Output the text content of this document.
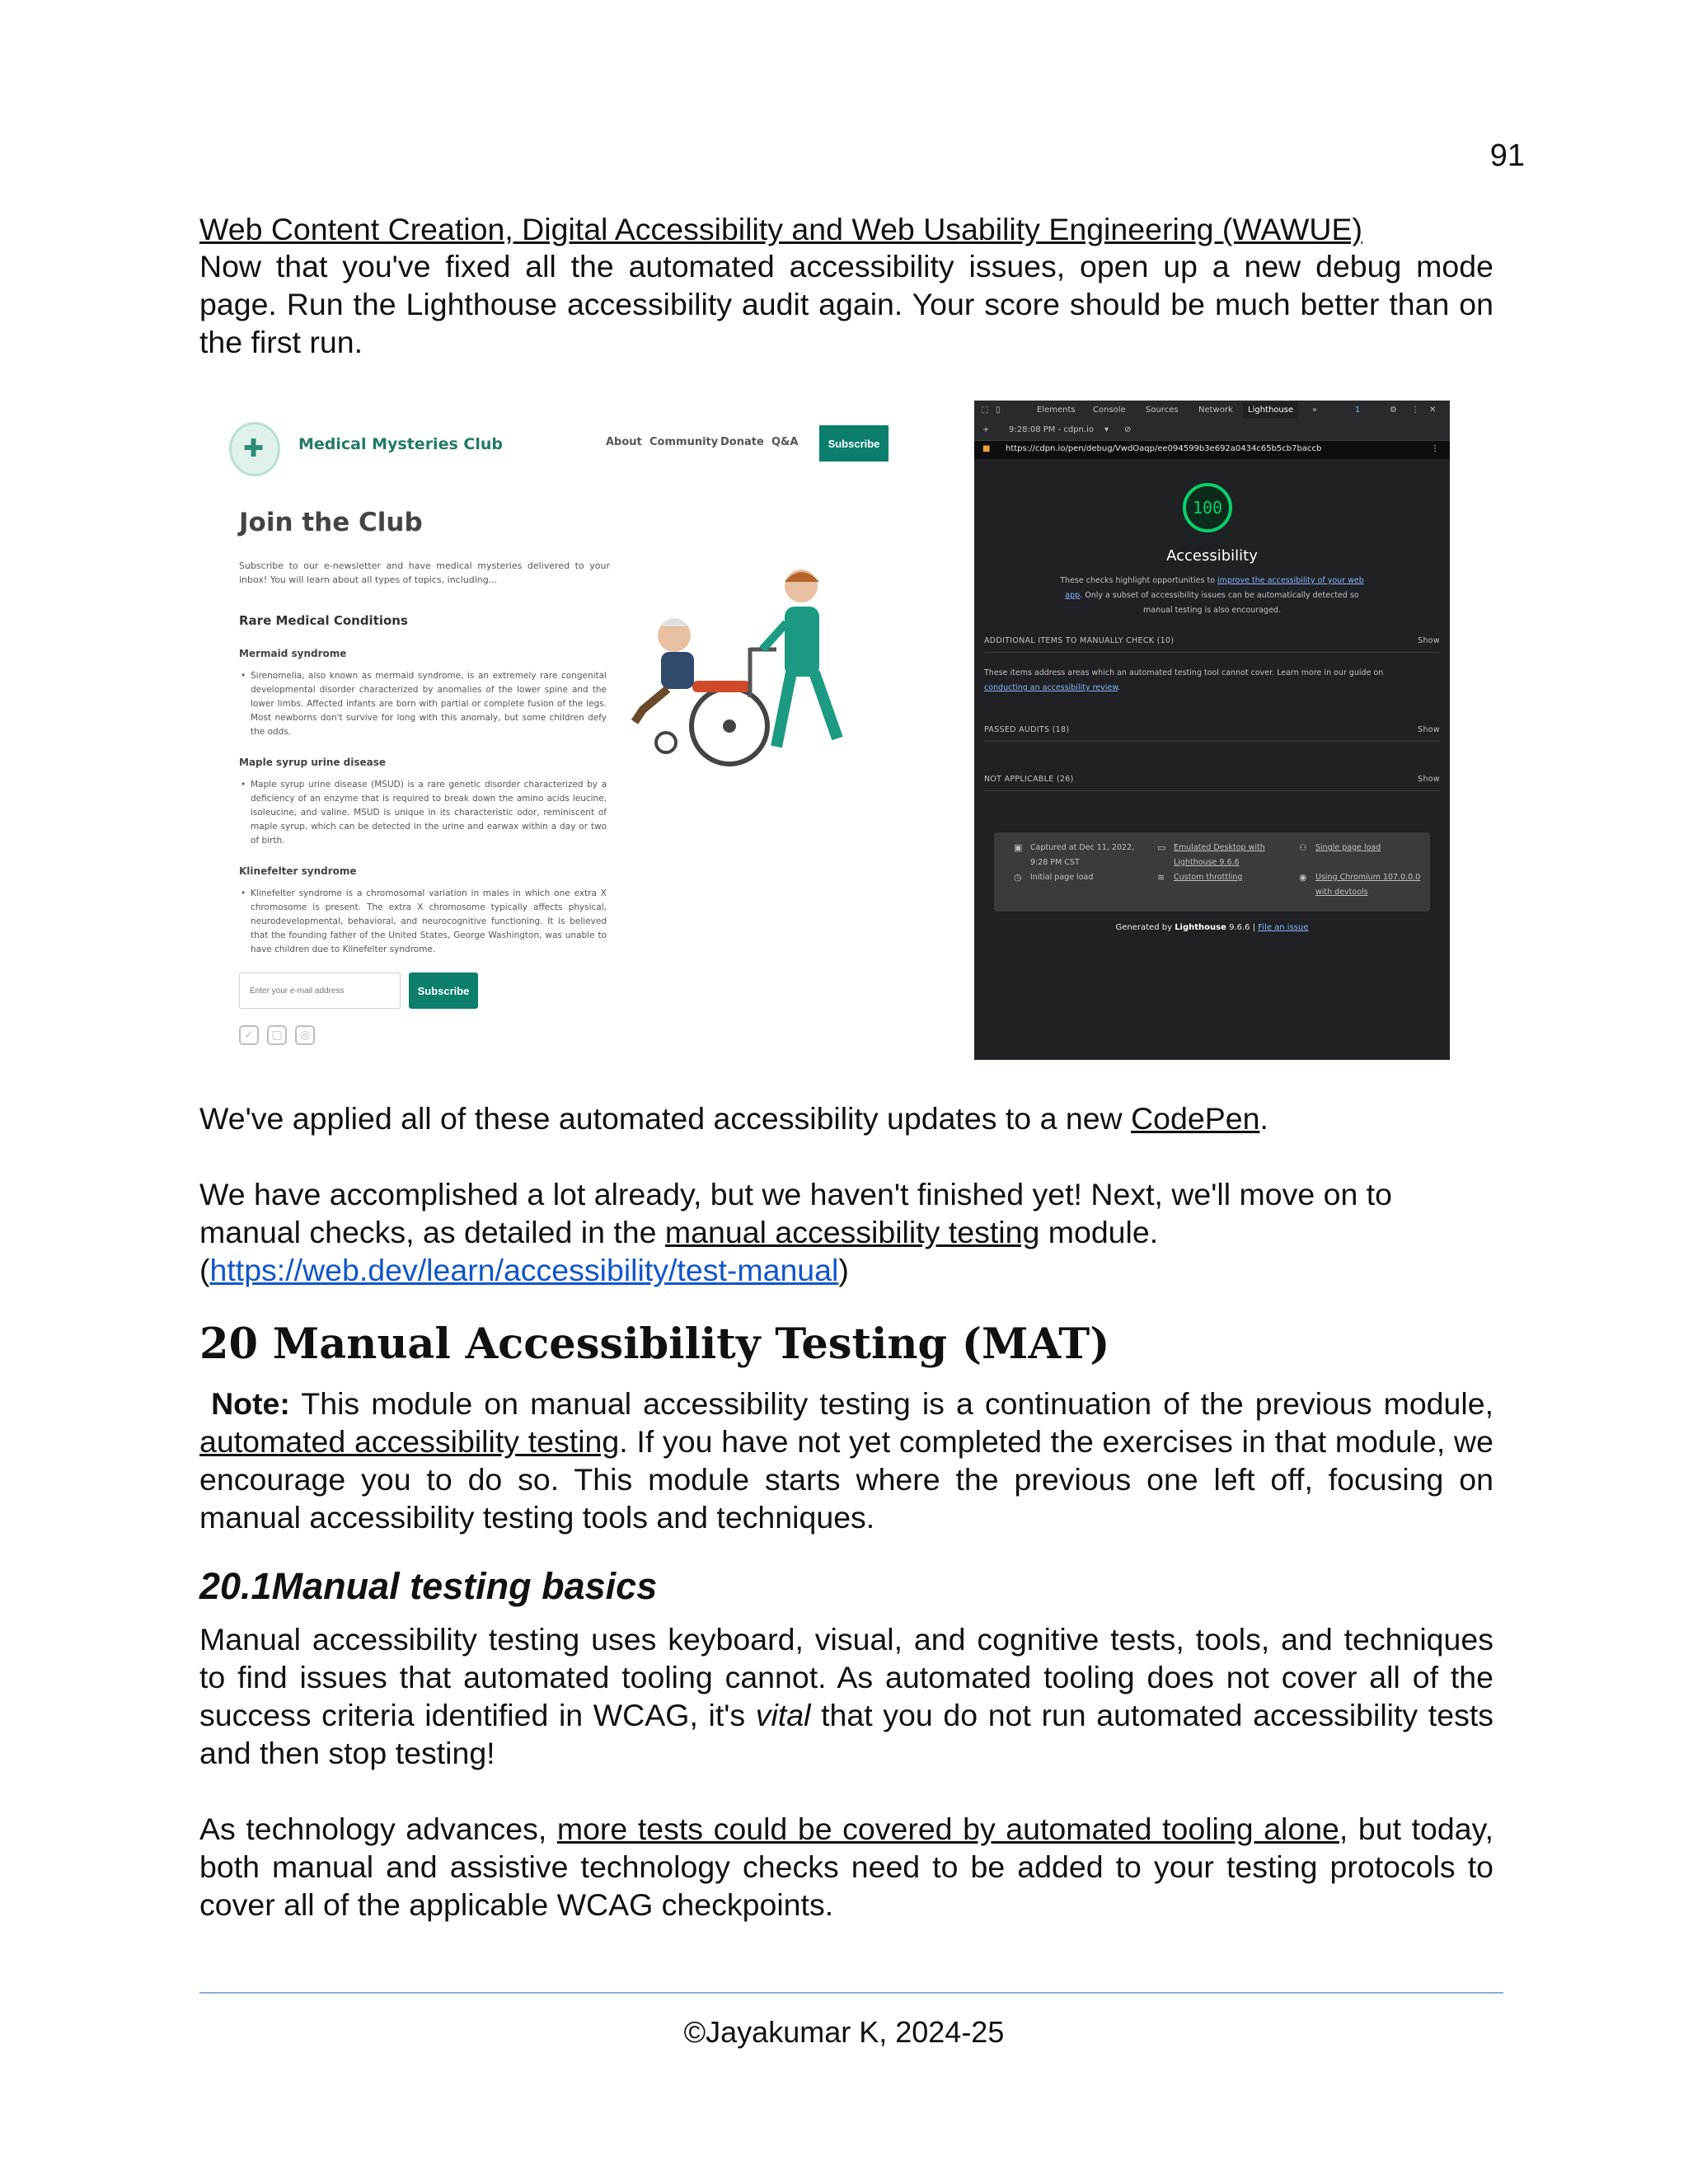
91
Web Content Creation, Digital Accessibility and Web Usability Engineering (WAWUE)
Now that you've fixed all the automated accessibility issues, open up a new debug mode page. Run the Lighthouse accessibility audit again. Your score should be much better than on the first run.
✚ Medical Mysteries Club	About Community Donate Q&A	Subscribe
Join the Club
Subscribe to our e-newsletter and have medical mysteries delivered to your inbox! You will learn about all types of topics, including...
Rare Medical Conditions
Mermaid syndrome
• Sirenomelia, also known as mermaid syndrome, is an extremely rare congenital developmental disorder characterized by anomalies of the lower spine and the lower limbs. Affected infants are born with partial or complete fusion of the legs. Most newborns don't survive for long with this anomaly, but some children defy the odds.
Maple syrup urine disease
• Maple syrup urine disease (MSUD) is a rare genetic disorder characterized by a deficiency of an enzyme that is required to break down the amino acids leucine, isoleucine, and valine. MSUD is unique in its characteristic odor, reminiscent of maple syrup, which can be detected in the urine and earwax within a day or two of birth.
Klinefelter syndrome
• Klinefelter syndrome is a chromosomal variation in males in which one extra X chromosome is present. The extra X chromosome typically affects physical, neurodevelopmental, behavioral, and neurocognitive functioning. It is believed that the founding father of the United States, George Washington, was unable to have children due to Klinefelter syndrome.
Enter your e-mail address
Subscribe
✓	▢	◎
⬚ ▯	Elements Console Sources Network	Lighthouse	»	1	⚙ ⋮ ✕
+ 9:28:08 PM - cdpn.io ▾ ⊘
■ https://cdpn.io/pen/debug/VwdOaqp/ee094599b3e692a0434c65b5cb7baccb	⋮
100
Accessibility
These checks highlight opportunities to improve the accessibility of your web app. Only a subset of accessibility issues can be automatically detected so manual testing is also encouraged.
ADDITIONAL ITEMS TO MANUALLY CHECK (10)	Show
These items address areas which an automated testing tool cannot cover. Learn more in our guide on conducting an accessibility review.
PASSED AUDITS (18)	Show
NOT APPLICABLE (26)	Show
▣ Captured at Dec 11, 2022, 9:28 PM CST
◷ Initial page load
▭ Emulated Desktop with Lighthouse 9.6.6
≋ Custom throttling
⚇ Single page load
◉ Using Chromium 107.0.0.0 with devtools
Generated by Lighthouse 9.6.6 | File an issue
We've applied all of these automated accessibility updates to a new CodePen.
We have accomplished a lot already, but we haven't finished yet! Next, we'll move on to manual checks, as detailed in the manual accessibility testing module.
(https://web.dev/learn/accessibility/test-manual)
20 Manual Accessibility Testing (MAT)
Note: This module on manual accessibility testing is a continuation of the previous module, automated accessibility testing. If you have not yet completed the exercises in that module, we encourage you to do so. This module starts where the previous one left off, focusing on manual accessibility testing tools and techniques.
20.1Manual testing basics
Manual accessibility testing uses keyboard, visual, and cognitive tests, tools, and techniques to find issues that automated tooling cannot. As automated tooling does not cover all of the success criteria identified in WCAG, it's vital that you do not run automated accessibility tests and then stop testing!
As technology advances, more tests could be covered by automated tooling alone, but today, both manual and assistive technology checks need to be added to your testing protocols to cover all of the applicable WCAG checkpoints.
©Jayakumar K, 2024-25
